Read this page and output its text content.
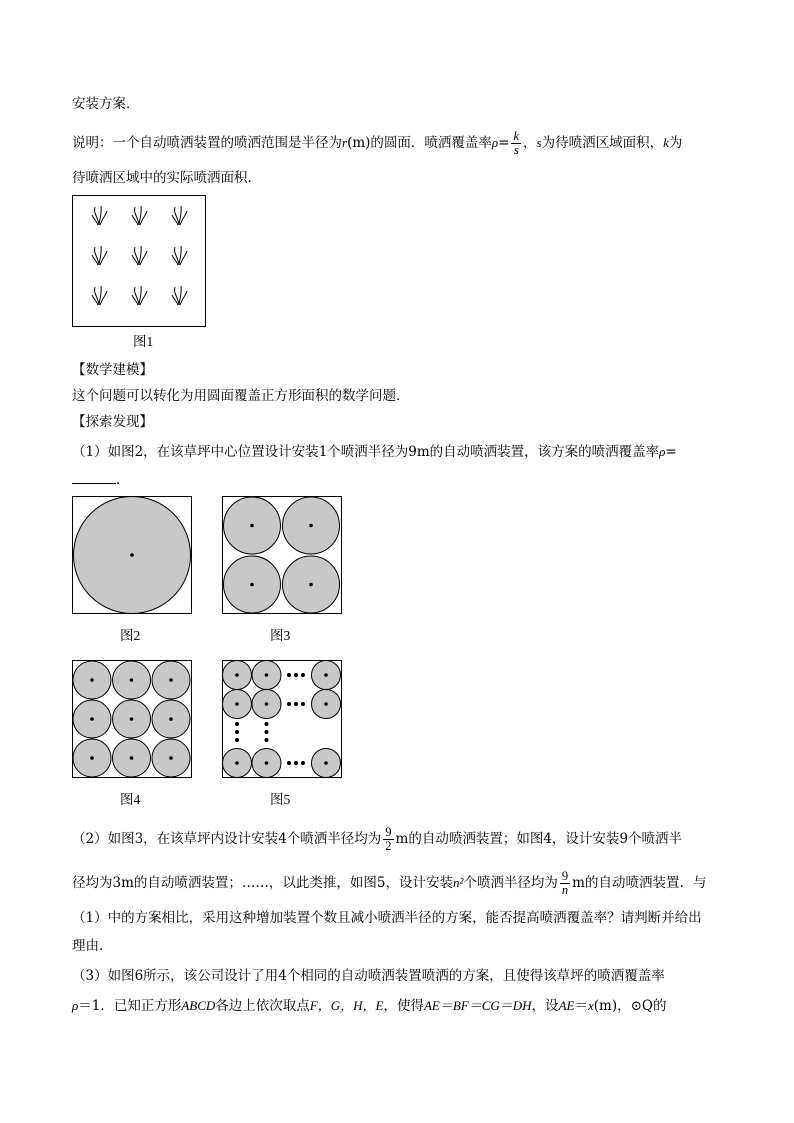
安装方案．
说明：一个自动喷洒装置的喷洒范围是半径为r(m)的圆面．喷洒覆盖率$\rho= \frac{k}{s}$ ，s为待喷洒区域面积，k为
待喷洒区域中的实际喷洒面积．
图1
【数学建模】
这个问题可以转化为用圆面覆盖正方形面积的数学问题．
【探索发现】
（1）如图2，在该草坪中心位置设计安装1个喷洒半径为9m的自动喷洒装置，该方案的喷洒覆盖率ρ=
．
图2	图3
图4	图5
（2）如图3，在该草坪内设计安装4个喷洒半径均为 $\frac{9}{2}$ m的自动喷洒装置；如图4，设计安装9个喷洒半
径均为3m的自动喷洒装置；……，以此类推，如图5，设计安装n²个喷洒半径均为 $\frac{9}{n}$ m的自动喷洒装置．与
（1）中的方案相比，采用这种增加装置个数且减小喷洒半径的方案，能否提高喷洒覆盖率？请判断并给出
理由．
（3）如图6所示，该公司设计了用4个相同的自动喷洒装置喷洒的方案，且使得该草坪的喷洒覆盖率
ρ＝1．已知正方形ABCD各边上依次取点F，G，H，E，使得AE＝BF＝CG＝DH，设AE＝x(m)，⊙Q的
